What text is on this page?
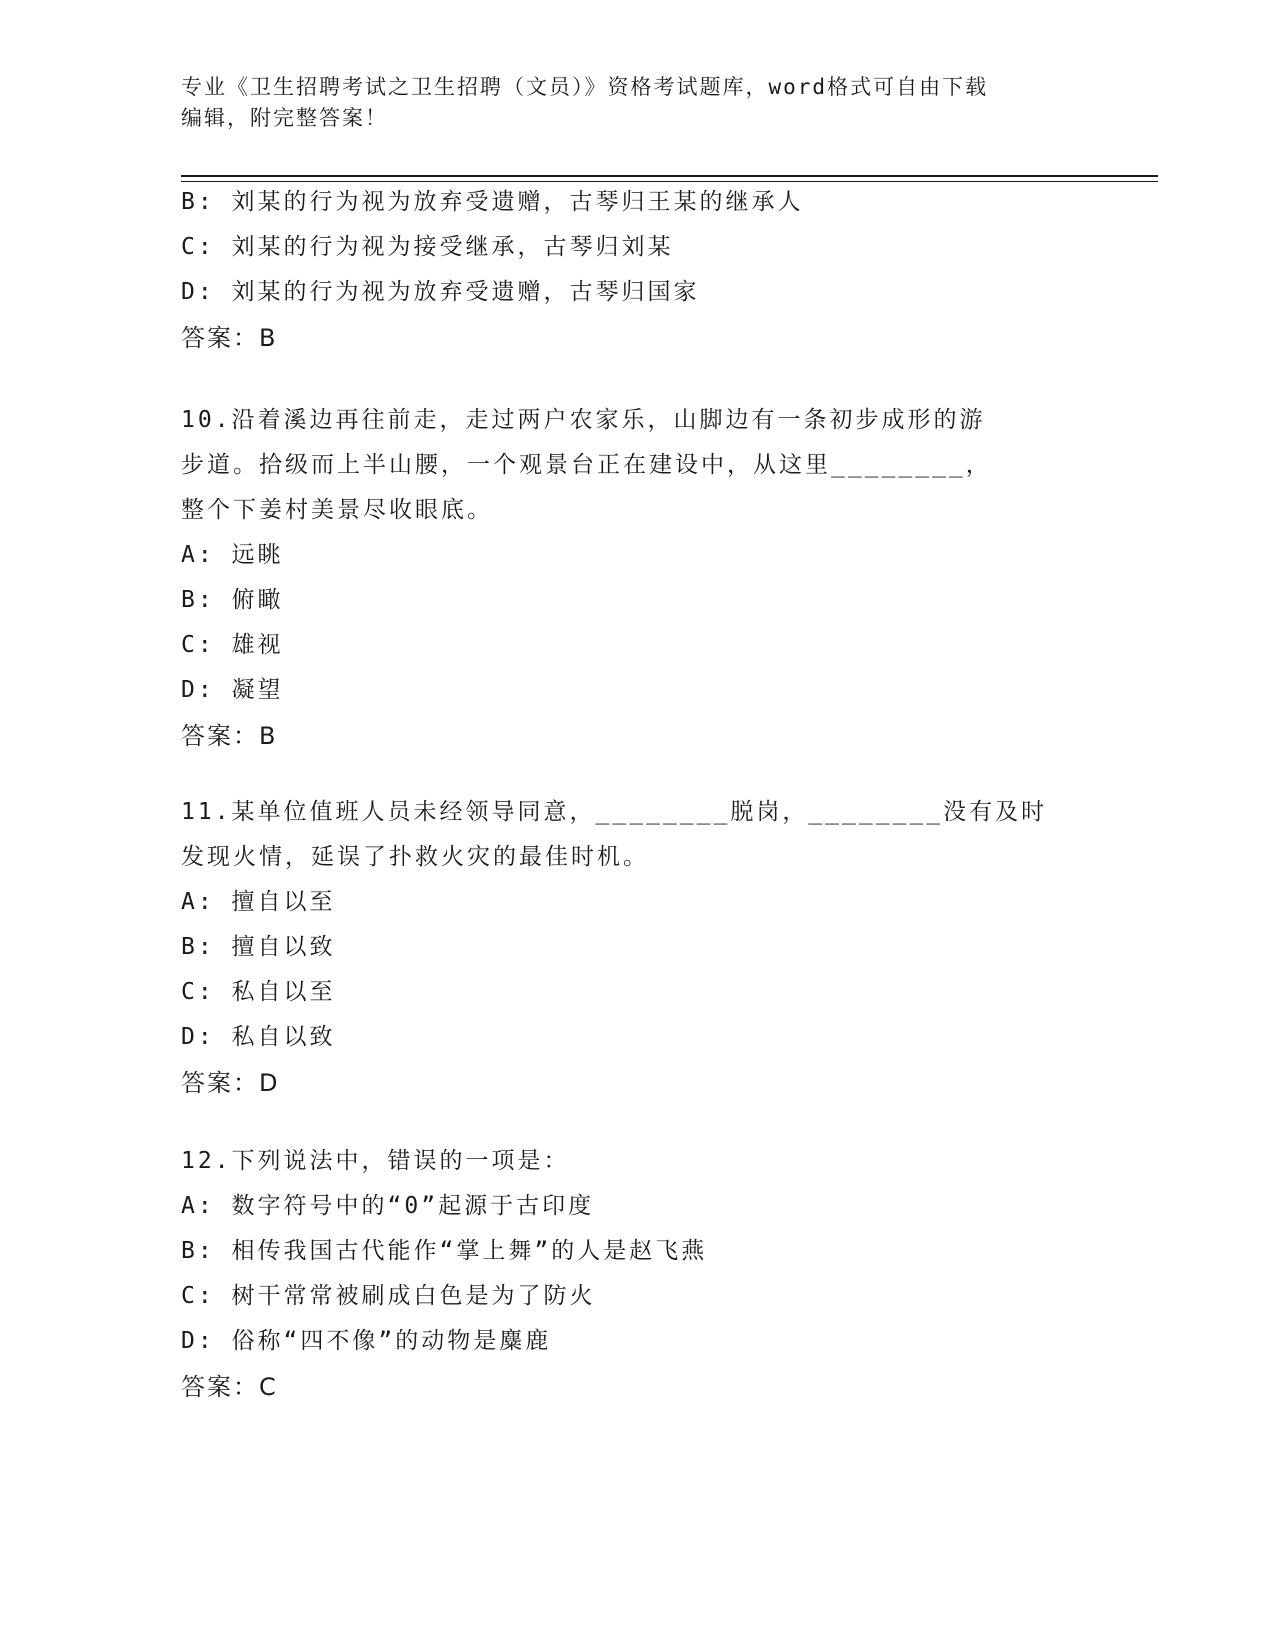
专业《卫生招聘考试之卫生招聘（文员）》资格考试题库，word格式可自由下载
编辑，附完整答案！
B: 刘某的行为视为放弃受遗赠，古琴归王某的继承人
C: 刘某的行为视为接受继承，古琴归刘某
D: 刘某的行为视为放弃受遗赠，古琴归国家
答案：B
10.沿着溪边再往前走，走过两户农家乐，山脚边有一条初步成形的游
步道。拾级而上半山腰，一个观景台正在建设中，从这里________，
整个下姜村美景尽收眼底。
A: 远眺
B: 俯瞰
C: 雄视
D: 凝望
答案：B
11.某单位值班人员未经领导同意，________脱岗，________没有及时
发现火情，延误了扑救火灾的最佳时机。
A: 擅自以至
B: 擅自以致
C: 私自以至
D: 私自以致
答案：D
12.下列说法中，错误的一项是：
A: 数字符号中的“0”起源于古印度
B: 相传我国古代能作“掌上舞”的人是赵飞燕
C: 树干常常被刷成白色是为了防火
D: 俗称“四不像”的动物是麋鹿
答案：C
